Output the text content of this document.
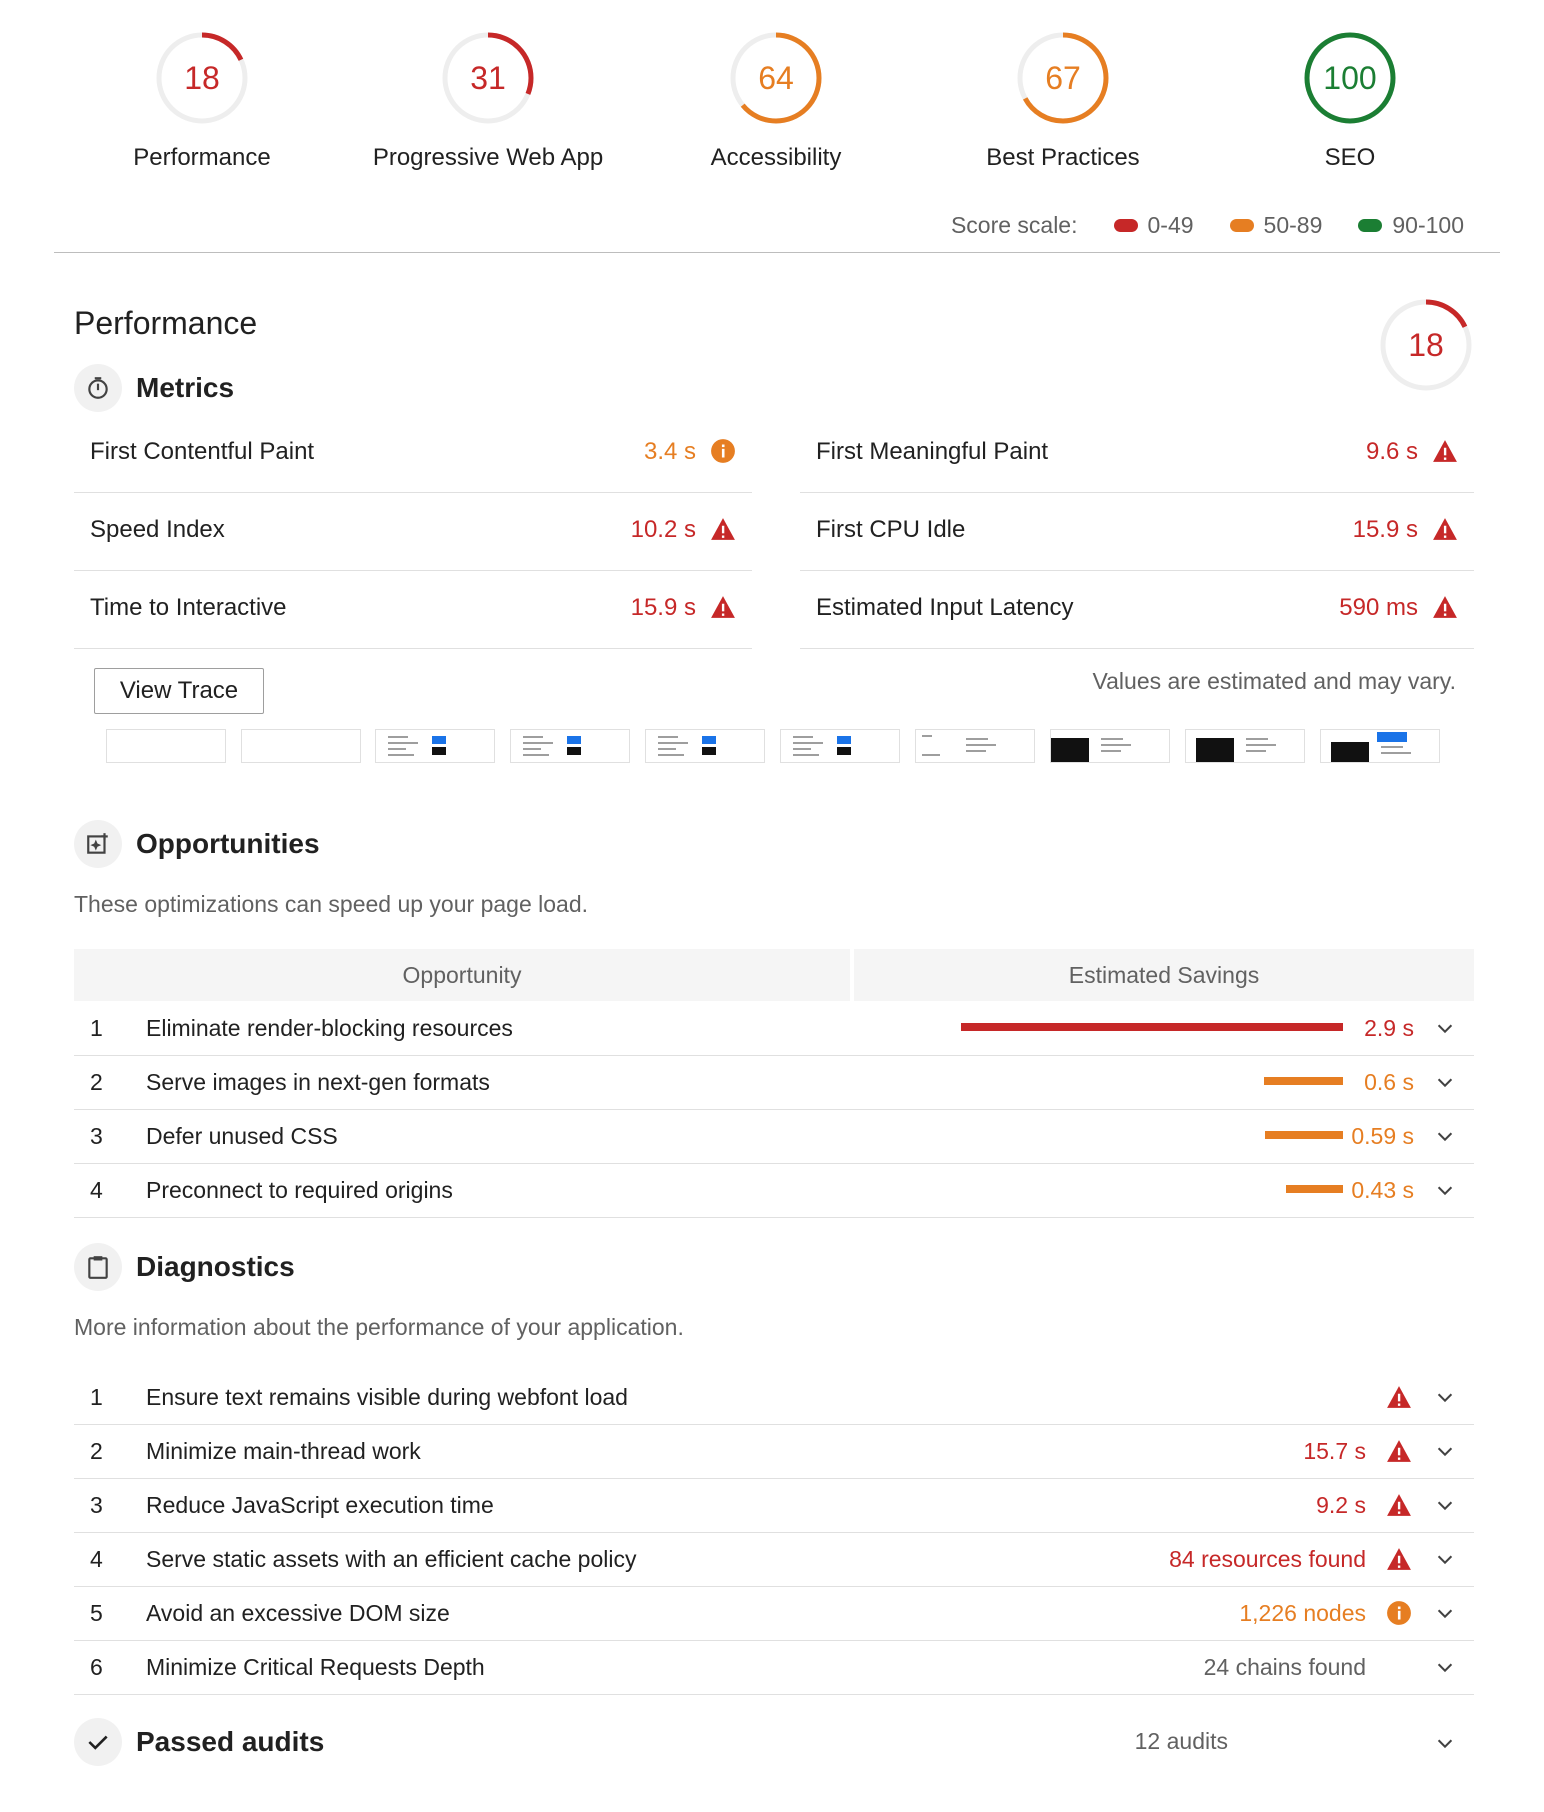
18
Performance
31
Progressive Web App
64
Accessibility
67
Best Practices
100
SEO
Score scale:	0-49	50-89	90-100
Performance
18
Metrics
First Contentful Paint	3.4 s	First Meaningful Paint	9.6 s
Speed Index	10.2 s	First CPU Idle	15.9 s
Time to Interactive	15.9 s	Estimated Input Latency	590 ms
View Trace	Values are estimated and may vary.
Opportunities
These optimizations can speed up your page load.
Opportunity	Estimated Savings
1 Eliminate render-blocking resources	2.9 s
2 Serve images in next-gen formats	0.6 s
3 Defer unused CSS	0.59 s
4 Preconnect to required origins	0.43 s
Diagnostics
More information about the performance of your application.
1 Ensure text remains visible during webfont load
2 Minimize main-thread work	15.7 s
3 Reduce JavaScript execution time	9.2 s
4 Serve static assets with an efficient cache policy	84 resources found
5 Avoid an excessive DOM size	1,226 nodes
6 Minimize Critical Requests Depth	24 chains found
Passed audits	12 audits
